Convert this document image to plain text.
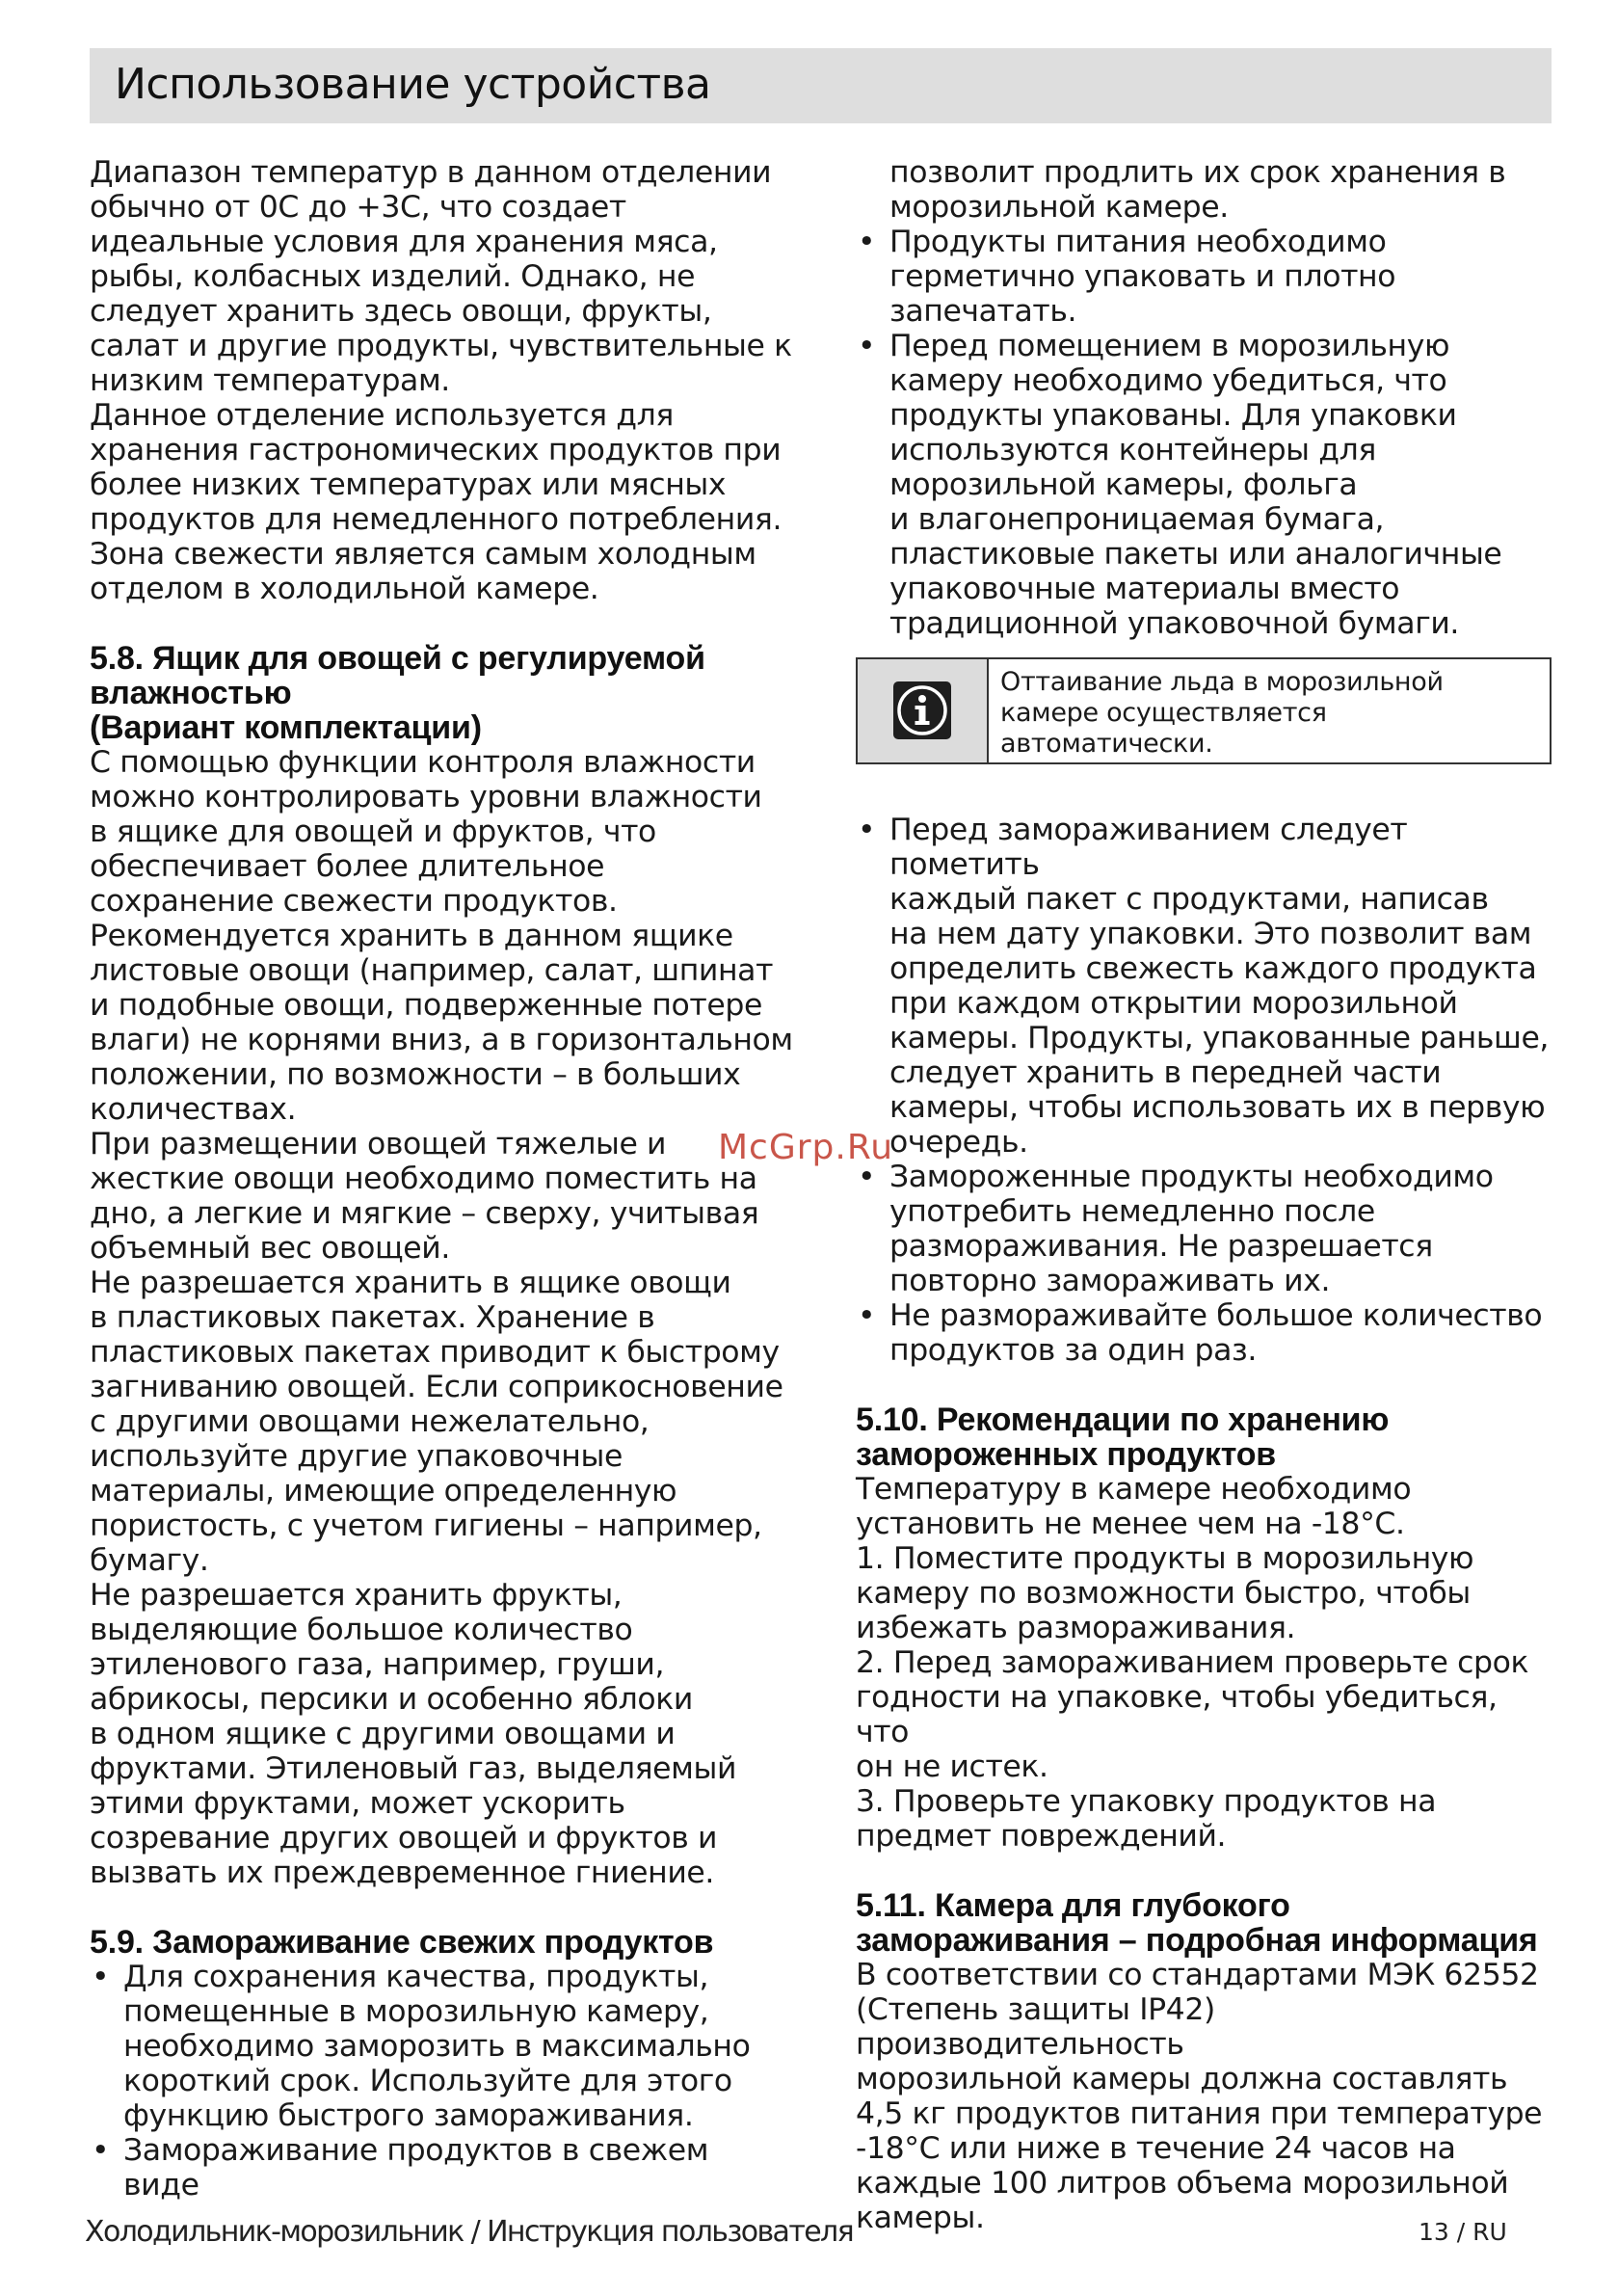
Использование устройства

Диапазон температур в данном отделении
обычно от 0C до +3C, что создает
идеальные условия для хранения мяса,
рыбы, колбасных изделий. Однако, не
следует хранить здесь овощи, фрукты,
салат и другие продукты, чувствительные к
низким температурам.
Данное отделение используется для
хранения гастрономических продуктов при
более низких температурах или мясных
продуктов для немедленного потребления.
Зона свежести является самым холодным
отделом в холодильной камере.

5.8. Ящик для овощей с регулируемой
влажностью
(Вариант комплектации)

С помощью функции контроля влажности
можно контролировать уровни влажности
в ящике для овощей и фруктов, что
обеспечивает более длительное
сохранение свежести продуктов.
Рекомендуется хранить в данном ящике
листовые овощи (например, салат, шпинат
и подобные овощи, подверженные потере
влаги) не корнями вниз, а в горизонтальном
положении, по возможности – в больших
количествах.
При размещении овощей тяжелые и
жесткие овощи необходимо поместить на
дно, а легкие и мягкие – сверху, учитывая
объемный вес овощей.
Не разрешается хранить в ящике овощи
в пластиковых пакетах. Хранение в
пластиковых пакетах приводит к быстрому
загниванию овощей. Если соприкосновение
с другими овощами нежелательно,
используйте другие упаковочные
материалы, имеющие определенную
пористость, с учетом гигиены – например,
бумагу.
Не разрешается хранить фрукты,
выделяющие большое количество
этиленового газа, например, груши,
абрикосы, персики и особенно яблоки
в одном ящике с другими овощами и
фруктами. Этиленовый газ, выделяемый
этими фруктами, может ускорить
созревание других овощей и фруктов и
вызвать их преждевременное гниение.

5.9. Замораживание свежих продуктов
• Для сохранения качества, продукты,
помещенные в морозильную камеру,
необходимо заморозить в максимально
короткий срок. Используйте для этого
функцию быстрого замораживания.
• Замораживание продуктов в свежем виде

позволит продлить их срок хранения в
морозильной камере.

• Продукты питания необходимо
герметично упаковать и плотно
запечатать.
• Перед помещением в морозильную
камеру необходимо убедиться, что
продукты упакованы. Для упаковки
используются контейнеры для
морозильной камеры, фольга
и влагонепроницаемая бумага,
пластиковые пакеты или аналогичные
упаковочные материалы вместо
традиционной упаковочной бумаги.

Оттаивание льда в морозильной
камере осуществляется
автоматически.

• Перед замораживанием следует пометить
каждый пакет с продуктами, написав
на нем дату упаковки. Это позволит вам
определить свежесть каждого продукта
при каждом открытии морозильной
камеры. Продукты, упакованные раньше,
следует хранить в передней части
камеры, чтобы использовать их в первую
очередь.
• Замороженные продукты необходимо
употребить немедленно после
размораживания. Не разрешается
повторно замораживать их.
• Не размораживайте большое количество
продуктов за один раз.
5.10. Рекомендации по хранению
замороженных продуктов

Температуру в камере необходимо
установить не менее чем на -18°C.
1. Поместите продукты в морозильную
камеру по возможности быстро, чтобы
избежать размораживания.
2. Перед замораживанием проверьте срок
годности на упаковке, чтобы убедиться, что
он не истек.
3. Проверьте упаковку продуктов на
предмет повреждений.

5.11. Камера для глубокого
замораживания – подробная информация

В соответствии со стандартами МЭК 62552
(Степень защиты IP42) производительность
морозильной камеры должна составлять
4,5 кг продуктов питания при температуре
-18°C или ниже в течение 24 часов на
каждые 100 литров объема морозильной
камеры.

McGrp.Ru

Холодильник-морозильник / Инструкция пользователя	13 / RU
